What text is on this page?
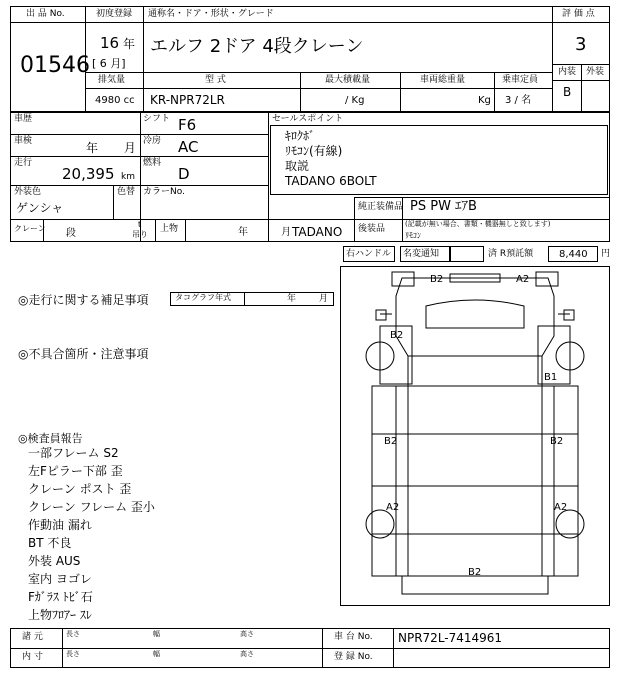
出 品 No.
01546
初度登録 通称名・ドア・形状・グレード
16 年
[ 6 月]
エルフ 2ドア 4段クレーン
評 価 点
3
内装 外装
B
排気量	型 式	最大積載量	車両総重量	乗車定員
4980 cc KR-NPR72LR	/ Kg	Kg 3 / 名
車歴	シフト F6
車検	年 月 冷房 AC
走行
20,395 km
燃料
D
外装色
ゲンシャ
色替 カラーNo.
クレーン 段
t
吊り
上物	年 月 TADANO
セールスポイント
ｷﾛｸﾎﾞ
ﾘﾓｺﾝ(有線)
取説
TADANO 6BOLT
純正装備品 PS PW ｴｱB
後装品	(記載が無い場合、書類・機器無しと致します)
ﾘﾓｺﾝ
右ハンドル 名変通知	済 R預託額	8,440 円
タコグラフ年式	年 月
◎走行に関する補足事項
◎不具合箇所・注意事項
◎検査員報告
一部フレーム S2
左Fピラー下部 歪
クレーン ポスト 歪
クレーン フレーム 歪小
作動油 漏れ
BT 不良
外装 AUS
室内 ヨゴレ
Fｶﾞﾗｽ ﾄﾋﾞ石
上物ﾌﾛｱｰ ｽﾚ
B2	A2
B2
B1
B2	B2
A2	A2
B2
諸 元
内 寸
長さ	幅	高さ
長さ	幅	高さ
車 台 No. NPR72L-7414961
登 録 No.
